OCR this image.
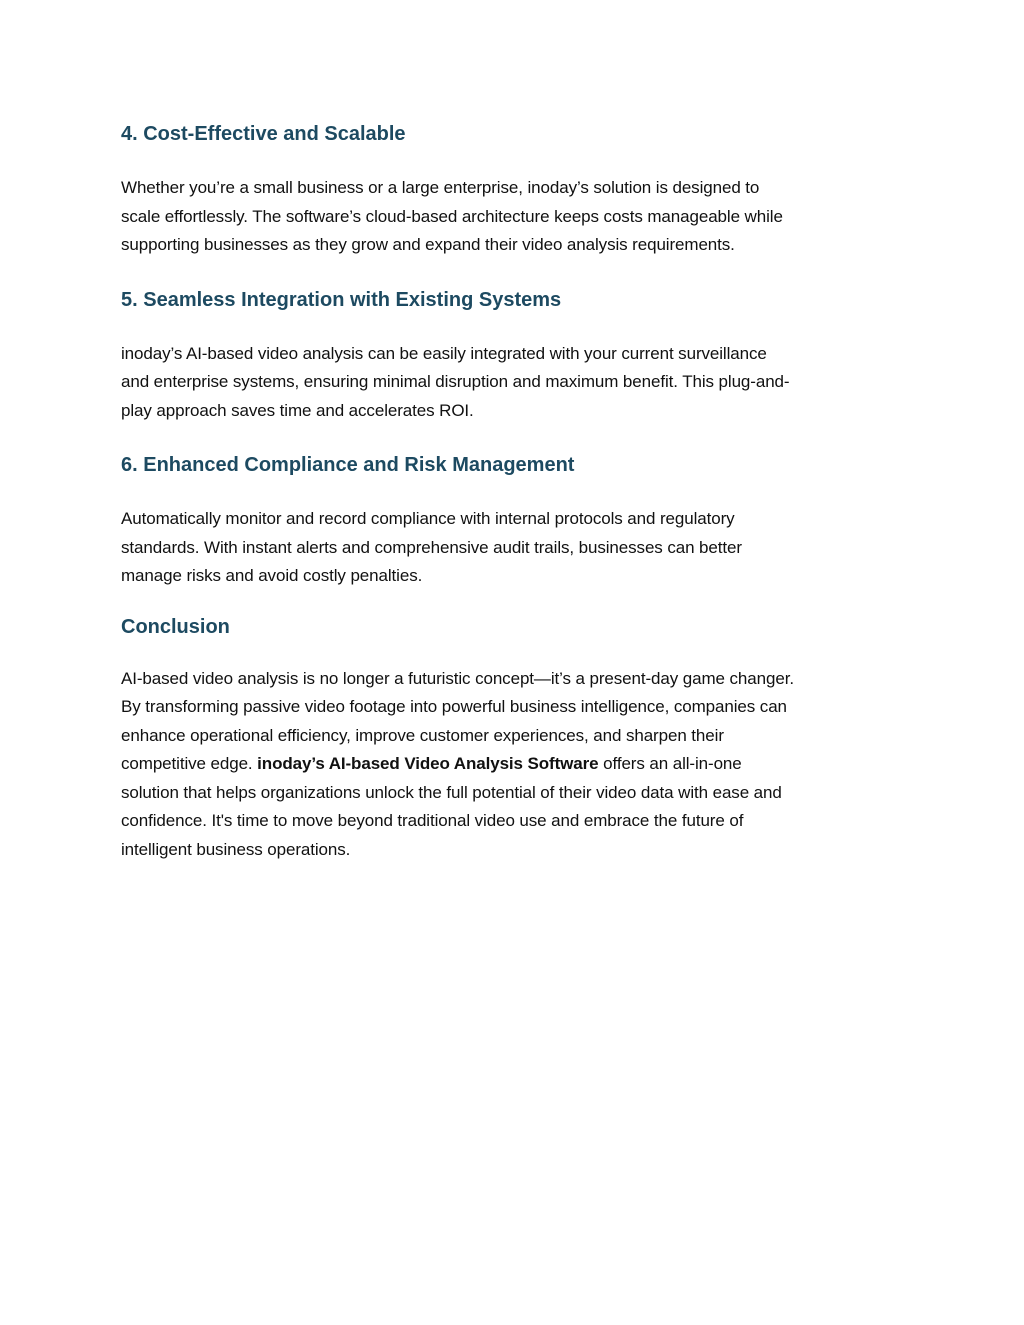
4. Cost-Effective and Scalable

Whether you’re a small business or a large enterprise, inoday’s solution is designed to
scale effortlessly. The software’s cloud-based architecture keeps costs manageable while
supporting businesses as they grow and expand their video analysis requirements.

5. Seamless Integration with Existing Systems

inoday’s AI-based video analysis can be easily integrated with your current surveillance
and enterprise systems, ensuring minimal disruption and maximum benefit. This plug-and-
play approach saves time and accelerates ROI.

6. Enhanced Compliance and Risk Management

Automatically monitor and record compliance with internal protocols and regulatory
standards. With instant alerts and comprehensive audit trails, businesses can better
manage risks and avoid costly penalties.

Conclusion

AI-based video analysis is no longer a futuristic concept—it’s a present-day game changer.
By transforming passive video footage into powerful business intelligence, companies can
enhance operational efficiency, improve customer experiences, and sharpen their
competitive edge. inoday’s AI-based Video Analysis Software offers an all-in-one
solution that helps organizations unlock the full potential of their video data with ease and
confidence. It's time to move beyond traditional video use and embrace the future of
intelligent business operations.
